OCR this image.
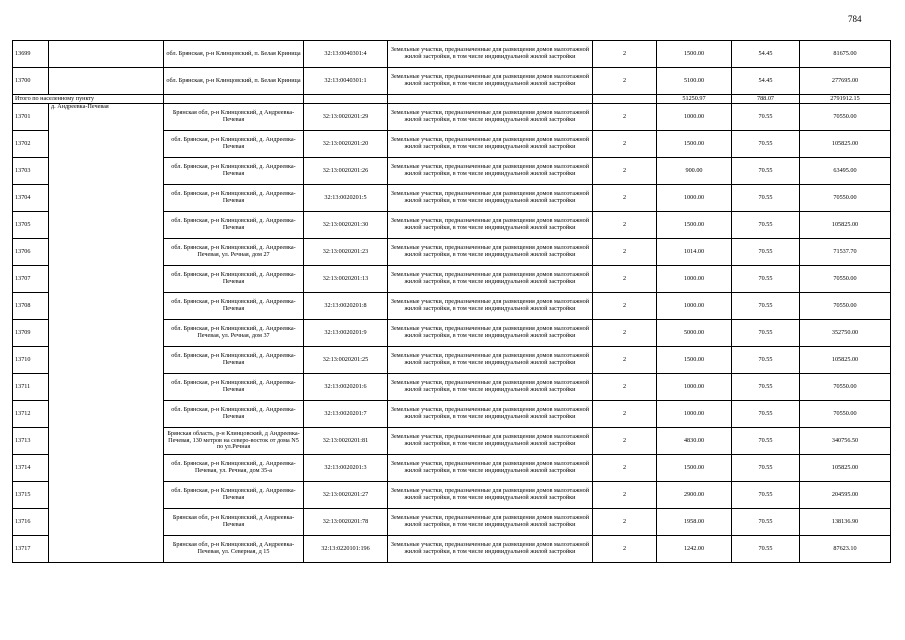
784
13699		обл. Брянская, р-н Клинцовский, п. Белая Криница	32:13:0040301:4	Земельные участки, предназначенные для размещения домов малоэтажной жилой застройки, в том числе индивидуальной жилой застройки	2	1500.00	54.45	81675.00
13700		обл. Брянская, р-н Клинцовский, п. Белая Криница	32:13:0040301:1	Земельные участки, предназначенные для размещения домов малоэтажной жилой застройки, в том числе индивидуальной жилой застройки	2	5100.00	54.45	277695.00
Итого по населенному пункту						51250.97	788.07	2791912.15
13701	д. Андреевка-Печевая	Брянская обл, р-н Клинцовский, д Андреевка-Печевая	32:13:0020201:29	Земельные участки, предназначенные для размещения домов малоэтажной жилой застройки, в том числе индивидуальной жилой застройки	2	1000.00	70.55	70550.00
13702		обл. Брянская, р-н Клинцовский, д. Андреевка-Печевая	32:13:0020201:20	Земельные участки, предназначенные для размещения домов малоэтажной жилой застройки, в том числе индивидуальной жилой застройки	2	1500.00	70.55	105825.00
13703		обл. Брянская, р-н Клинцовский, д. Андреевка-Печевая	32:13:0020201:26	Земельные участки, предназначенные для размещения домов малоэтажной жилой застройки, в том числе индивидуальной жилой застройки	2	900.00	70.55	63495.00
13704		обл. Брянская, р-н Клинцовский, д. Андреевка-Печевая	32:13:0020201:5	Земельные участки, предназначенные для размещения домов малоэтажной жилой застройки, в том числе индивидуальной жилой застройки	2	1000.00	70.55	70550.00
13705		обл. Брянская, р-н Клинцовский, д. Андреевка-Печевая	32:13:0020201:30	Земельные участки, предназначенные для размещения домов малоэтажной жилой застройки, в том числе индивидуальной жилой застройки	2	1500.00	70.55	105825.00
13706		обл. Брянская, р-н Клинцовский, д. Андреевка-Печевая, ул. Речная, дом 27	32:13:0020201:23	Земельные участки, предназначенные для размещения домов малоэтажной жилой застройки, в том числе индивидуальной жилой застройки	2	1014.00	70.55	71537.70
13707		обл. Брянская, р-н Клинцовский, д. Андреевка-Печевая	32:13:0020201:13	Земельные участки, предназначенные для размещения домов малоэтажной жилой застройки, в том числе индивидуальной жилой застройки	2	1000.00	70.55	70550.00
13708		обл. Брянская, р-н Клинцовский, д. Андреевка-Печевая	32:13:0020201:8	Земельные участки, предназначенные для размещения домов малоэтажной жилой застройки, в том числе индивидуальной жилой застройки	2	1000.00	70.55	70550.00
13709		обл. Брянская, р-н Клинцовский, д. Андреевка-Печевая, ул. Речная, дом 37	32:13:0020201:9	Земельные участки, предназначенные для размещения домов малоэтажной жилой застройки, в том числе индивидуальной жилой застройки	2	5000.00	70.55	352750.00
13710		обл. Брянская, р-н Клинцовский, д. Андреевка-Печевая	32:13:0020201:25	Земельные участки, предназначенные для размещения домов малоэтажной жилой застройки, в том числе индивидуальной жилой застройки	2	1500.00	70.55	105825.00
13711		обл. Брянская, р-н Клинцовский, д. Андреевка-Печевая	32:13:0020201:6	Земельные участки, предназначенные для размещения домов малоэтажной жилой застройки, в том числе индивидуальной жилой застройки	2	1000.00	70.55	70550.00
13712		обл. Брянская, р-н Клинцовский, д. Андреевка-Печевая	32:13:0020201:7	Земельные участки, предназначенные для размещения домов малоэтажной жилой застройки, в том числе индивидуальной жилой застройки	2	1000.00	70.55	70550.00
13713		Брянская область, р-н Клинцовский, д Андреевка-Печевая, 130 метров на северо-восток от дома N5 по ул.Речная	32:13:0020201:81	Земельные участки, предназначенные для размещения домов малоэтажной жилой застройки, в том числе индивидуальной жилой застройки	2	4830.00	70.55	340756.50
13714		обл. Брянская, р-н Клинцовский, д. Андреевка-Печевая, ул. Речная, дом 35-а	32:13:0020201:3	Земельные участки, предназначенные для размещения домов малоэтажной жилой застройки, в том числе индивидуальной жилой застройки	2	1500.00	70.55	105825.00
13715		обл. Брянская, р-н Клинцовский, д. Андреевка-Печевая	32:13:0020201:27	Земельные участки, предназначенные для размещения домов малоэтажной жилой застройки, в том числе индивидуальной жилой застройки	2	2900.00	70.55	204595.00
13716		Брянская обл, р-н Клинцовский, д Андреевка-Печевая	32:13:0020201:78	Земельные участки, предназначенные для размещения домов малоэтажной жилой застройки, в том числе индивидуальной жилой застройки	2	1958.00	70.55	138136.90
13717		Брянская обл, р-н Клинцовский, д Андреевка-Печевая, ул. Северная, д 15	32:13:0220101:196	Земельные участки, предназначенные для размещения домов малоэтажной жилой застройки, в том числе индивидуальной жилой застройки	2	1242.00	70.55	87623.10
